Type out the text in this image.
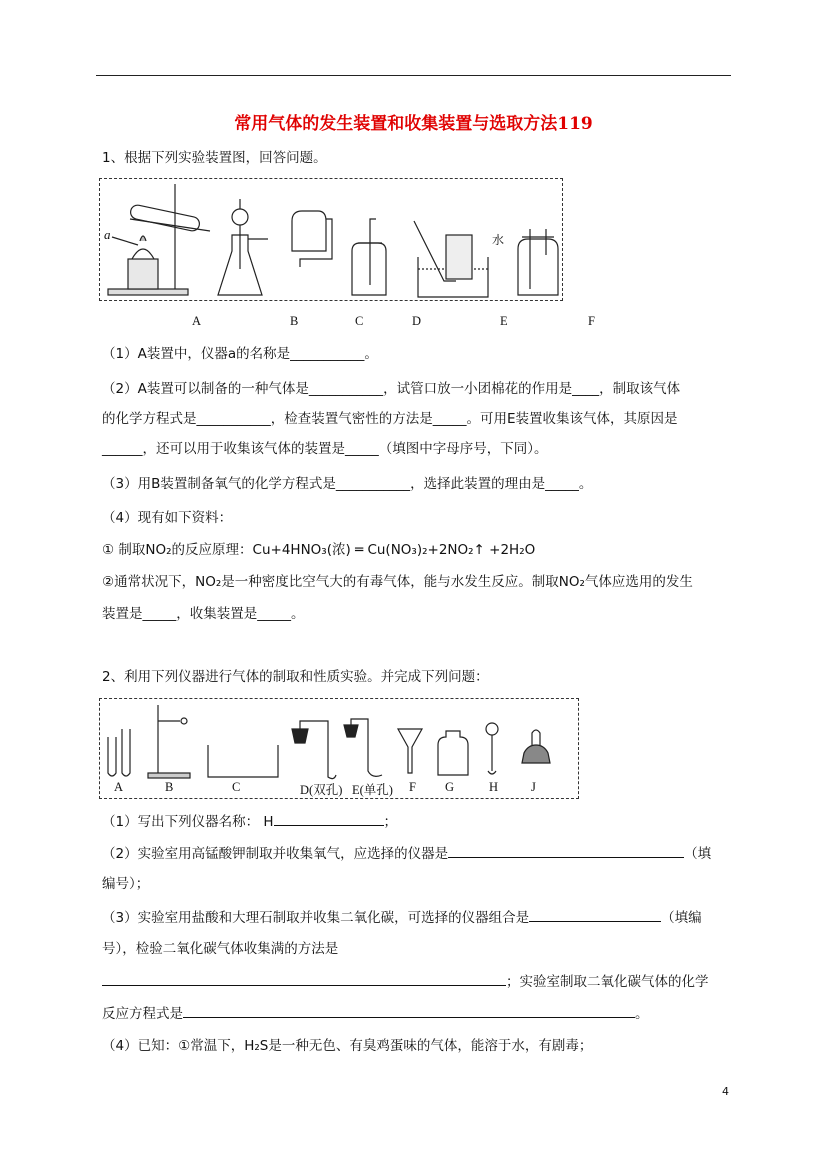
常用气体的发生装置和收集装置与选取方法119
1、根据下列实验装置图，回答问题。
a	水
A	B	C	D	E	F
（1）A装置中，仪器a的名称是___________。
（2）A装置可以制备的一种气体是___________，试管口放一小团棉花的作用是____，制取该气体
的化学方程式是___________，检查装置气密性的方法是_____。可用E装置收集该气体，其原因是
______，还可以用于收集该气体的装置是_____（填图中字母序号，下同）。
（3）用B装置制备氧气的化学方程式是___________，选择此装置的理由是_____。
（4）现有如下资料：
① 制取NO₂的反应原理：Cu+4HNO₃(浓) ═ Cu(NO₃)₂+2NO₂↑ +2H₂O
②通常状况下，NO₂是一种密度比空气大的有毒气体，能与水发生反应。制取NO₂气体应选用的发生
装置是_____，收集装置是_____。
2、利用下列仪器进行气体的制取和性质实验。并完成下列问题：
A	B	C	D(双孔) E(单孔) F G	H	J
（1）写出下列仪器名称： H	；
（2）实验室用高锰酸钾制取并收集氧气，应选择的仪器是	（填
编号）；
（3）实验室用盐酸和大理石制取并收集二氧化碳，可选择的仪器组合是	（填编
号），检验二氧化碳气体收集满的方法是
；实验室制取二氧化碳气体的化学
反应方程式是	。
（4）已知：①常温下，H₂S是一种无色、有臭鸡蛋味的气体，能溶于水，有剧毒；
4
